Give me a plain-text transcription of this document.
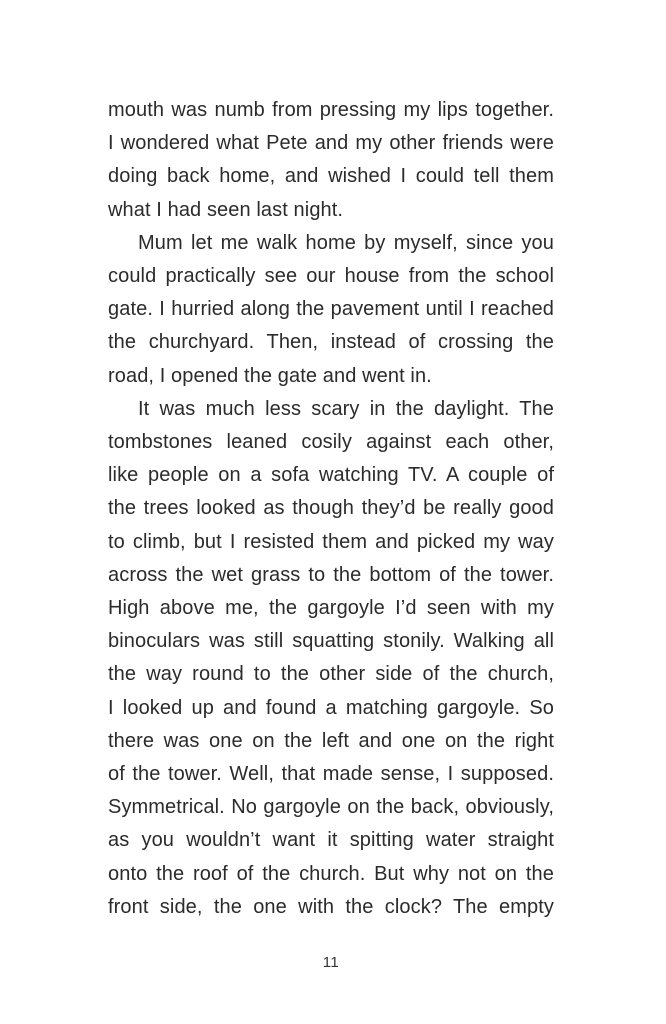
mouth was numb from pressing my lips together.
I wondered what Pete and my other friends were
doing back home, and wished I could tell them
what I had seen last night.
Mum let me walk home by myself, since you
could practically see our house from the school
gate. I hurried along the pavement until I reached
the churchyard. Then, instead of crossing the
road, I opened the gate and went in.
It was much less scary in the daylight. The
tombstones leaned cosily against each other,
like people on a sofa watching TV. A couple of
the trees looked as though they’d be really good
to climb, but I resisted them and picked my way
across the wet grass to the bottom of the tower.
High above me, the gargoyle I’d seen with my
binoculars was still squatting stonily. Walking all
the way round to the other side of the church,
I looked up and found a matching gargoyle. So
there was one on the left and one on the right
of the tower. Well, that made sense, I supposed.
Symmetrical. No gargoyle on the back, obviously,
as you wouldn’t want it spitting water straight
onto the roof of the church. But why not on the
front side, the one with the clock? The empty
11
